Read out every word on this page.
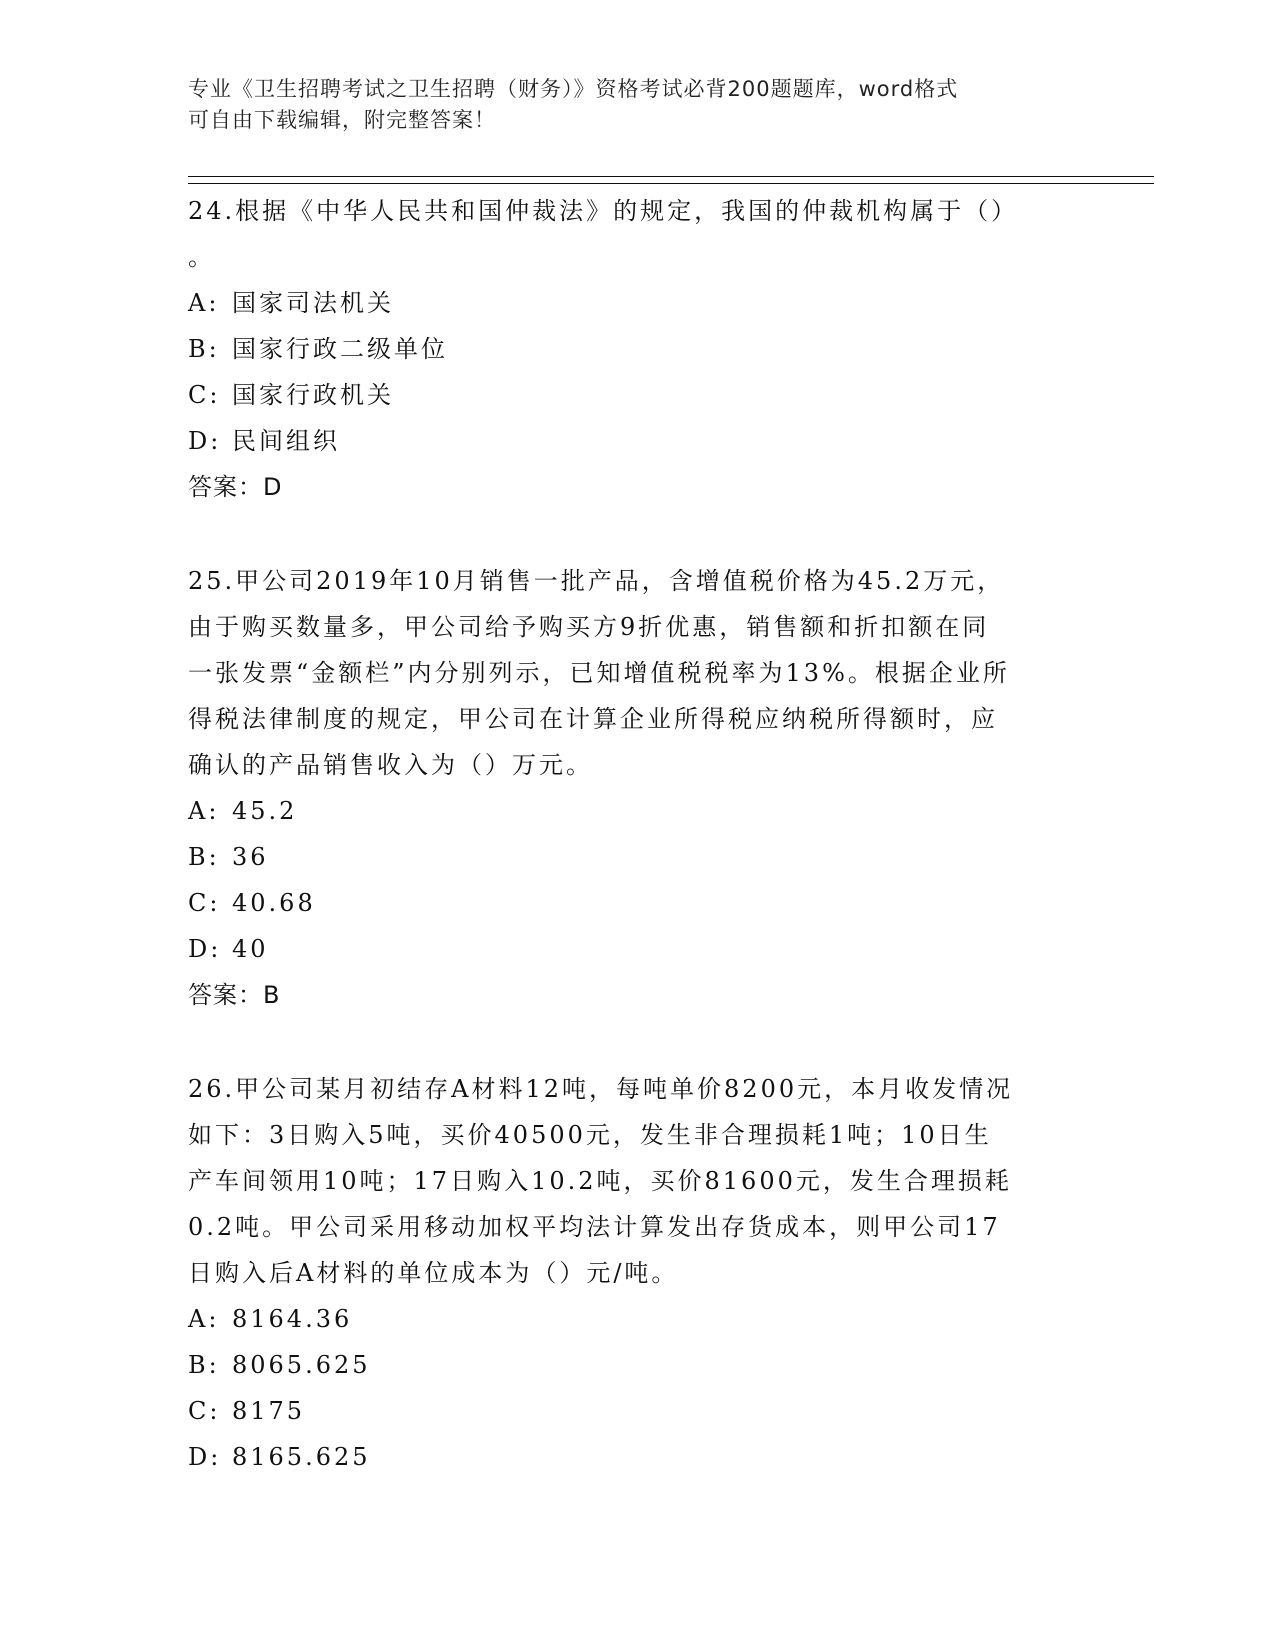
专业《卫生招聘考试之卫生招聘（财务）》资格考试必背200题题库，word格式
可自由下载编辑，附完整答案！

24.根据《中华人民共和国仲裁法》的规定，我国的仲裁机构属于（）
。

A: 国家司法机关
B: 国家行政二级单位
C: 国家行政机关
D: 民间组织

答案：D

25.甲公司2019年10月销售一批产品，含增值税价格为45.2万元，
由于购买数量多，甲公司给予购买方9折优惠，销售额和折扣额在同
一张发票“金额栏”内分别列示，已知增值税税率为13%。根据企业所
得税法律制度的规定，甲公司在计算企业所得税应纳税所得额时，应
确认的产品销售收入为（）万元。

A: 45.2
B: 36
C: 40.68
D: 40

答案：B

26.甲公司某月初结存A材料12吨，每吨单价8200元，本月收发情况
如下：3日购入5吨，买价40500元，发生非合理损耗1吨；10日生
产车间领用10吨；17日购入10.2吨，买价81600元，发生合理损耗
0.2吨。甲公司采用移动加权平均法计算发出存货成本，则甲公司17
日购入后A材料的单位成本为（）元/吨。

A: 8164.36
B: 8065.625
C: 8175
D: 8165.625
